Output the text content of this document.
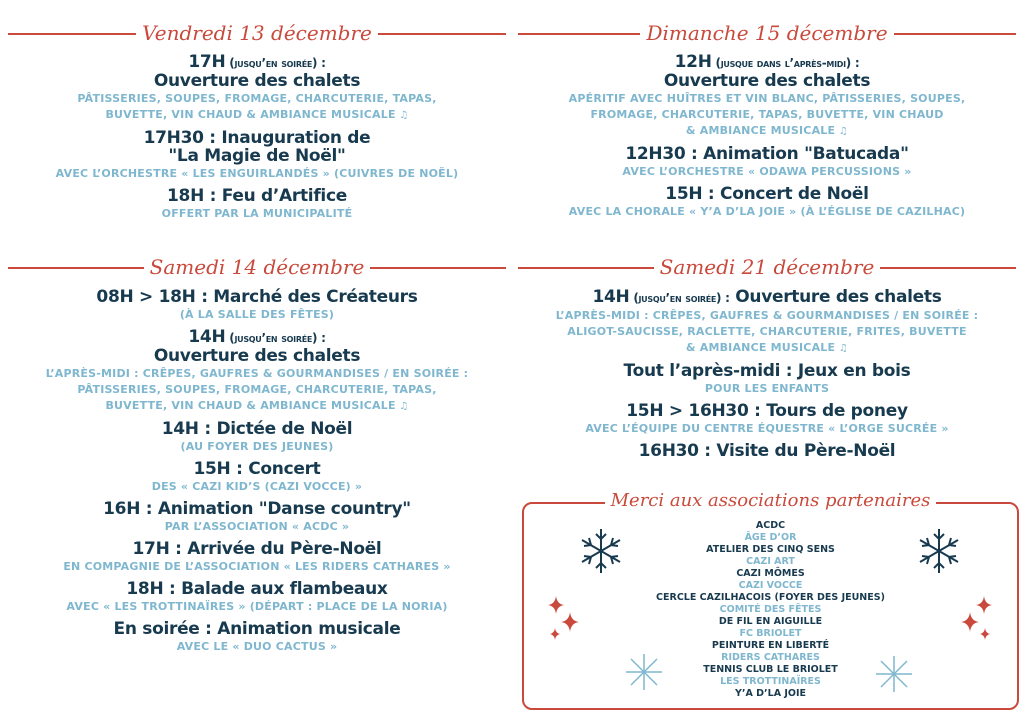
Vendredi 13 décembre
17H (jusqu’en soirée) :
Ouverture des chalets
PÂTISSERIES, SOUPES, FROMAGE, CHARCUTERIE, TAPAS,
BUVETTE, VIN CHAUD & AMBIANCE MUSICALE ♫
17H30 : Inauguration de
"La Magie de Noël"
AVEC L’ORCHESTRE « LES ENGUIRLANDÉS » (CUIVRES DE NOËL)
18H : Feu d’Artifice
OFFERT PAR LA MUNICIPALITÉ
Samedi 14 décembre
08H > 18H : Marché des Créateurs
(À LA SALLE DES FÊTES)
14H (jusqu’en soirée) :
Ouverture des chalets
L’APRÈS-MIDI : CRÊPES, GAUFRES & GOURMANDISES / EN SOIRÉE :
PÂTISSERIES, SOUPES, FROMAGE, CHARCUTERIE, TAPAS,
BUVETTE, VIN CHAUD & AMBIANCE MUSICALE ♫
14H : Dictée de Noël
(AU FOYER DES JEUNES)
15H : Concert
DES « CAZI KID’S (CAZI VOCCE) »
16H : Animation "Danse country"
PAR L’ASSOCIATION « ACDC »
17H : Arrivée du Père-Noël
EN COMPAGNIE DE L’ASSOCIATION « LES RIDERS CATHARES »
18H : Balade aux flambeaux
AVEC « LES TROTTINAÏRES » (DÉPART : PLACE DE LA NORIA)
En soirée : Animation musicale
AVEC LE « DUO CACTUS »
Dimanche 15 décembre
12H (jusque dans l’après-midi) :
Ouverture des chalets
APÉRITIF AVEC HUÎTRES ET VIN BLANC, PÂTISSERIES, SOUPES,
FROMAGE, CHARCUTERIE, TAPAS, BUVETTE, VIN CHAUD
& AMBIANCE MUSICALE ♫
12H30 : Animation "Batucada"
AVEC L’ORCHESTRE « ODAWA PERCUSSIONS »
15H : Concert de Noël
AVEC LA CHORALE « Y’A D’LA JOIE » (À L’ÉGLISE DE CAZILHAC)
Samedi 21 décembre
14H (jusqu’en soirée) : Ouverture des chalets
L’APRÈS-MIDI : CRÊPES, GAUFRES & GOURMANDISES / EN SOIRÉE :
ALIGOT-SAUCISSE, RACLETTE, CHARCUTERIE, FRITES, BUVETTE
& AMBIANCE MUSICALE ♫
Tout l’après-midi : Jeux en bois
POUR LES ENFANTS
15H > 16H30 : Tours de poney
AVEC L’ÉQUIPE DU CENTRE ÉQUESTRE « L’ORGE SUCRÉE »
16H30 : Visite du Père-Noël
ACDC
ÂGE D’OR
ATELIER DES CINQ SENS
CAZI ART
CAZI MÔMES
CAZI VOCCE
CERCLE CAZILHACOIS (FOYER DES JEUNES)
COMITÉ DES FÊTES
DE FIL EN AIGUILLE
FC BRIOLET
PEINTURE EN LIBERTÉ
RIDERS CATHARES
TENNIS CLUB LE BRIOLET
LES TROTTINAÏRES
Y’A D’LA JOIE
Merci aux associations partenaires
